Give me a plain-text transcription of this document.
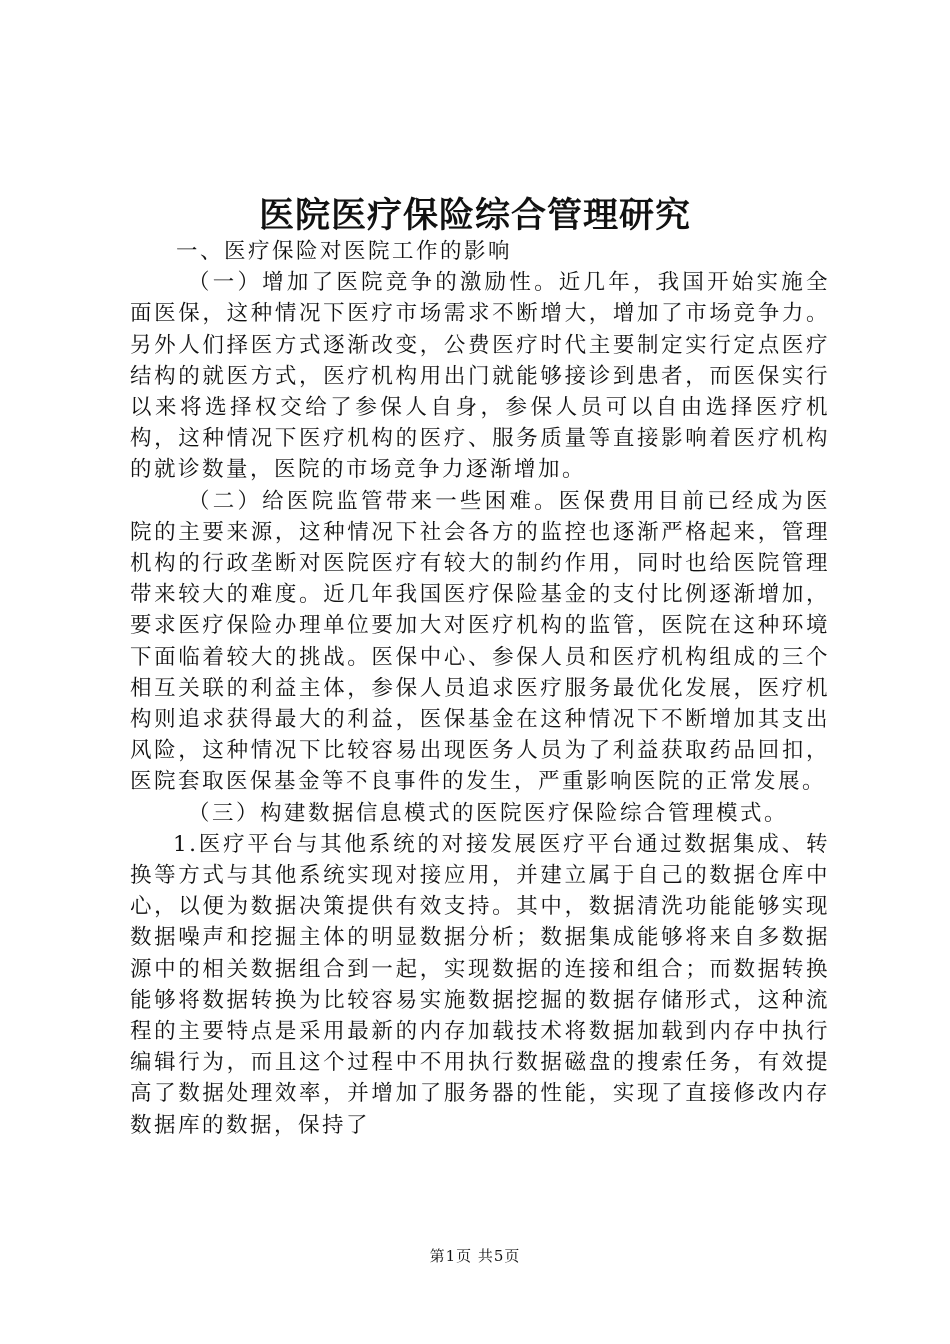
医院医疗保险综合管理研究

一、医疗保险对医院工作的影响

（一）增加了医院竞争的激励性。近几年，我国开始实施全面医保，这种情况下医疗市场需求不断增大，增加了市场竞争力。另外人们择医方式逐渐改变，公费医疗时代主要制定实行定点医疗结构的就医方式，医疗机构用出门就能够接诊到患者，而医保实行以来将选择权交给了参保人自身，参保人员可以自由选择医疗机构，这种情况下医疗机构的医疗、服务质量等直接影响着医疗机构的就诊数量，医院的市场竞争力逐渐增加。

（二）给医院监管带来一些困难。医保费用目前已经成为医院的主要来源，这种情况下社会各方的监控也逐渐严格起来，管理机构的行政垄断对医院医疗有较大的制约作用，同时也给医院管理带来较大的难度。近几年我国医疗保险基金的支付比例逐渐增加，要求医疗保险办理单位要加大对医疗机构的监管，医院在这种环境下面临着较大的挑战。医保中心、参保人员和医疗机构组成的三个相互关联的利益主体，参保人员追求医疗服务最优化发展，医疗机构则追求获得最大的利益，医保基金在这种情况下不断增加其支出风险，这种情况下比较容易出现医务人员为了利益获取药品回扣，医院套取医保基金等不良事件的发生，严重影响医院的正常发展。

（三）构建数据信息模式的医院医疗保险综合管理模式。

1.医疗平台与其他系统的对接发展医疗平台通过数据集成、转换等方式与其他系统实现对接应用，并建立属于自己的数据仓库中心，以便为数据决策提供有效支持。其中，数据清洗功能能够实现数据噪声和挖掘主体的明显数据分析；数据集成能够将来自多数据源中的相关数据组合到一起，实现数据的连接和组合；而数据转换能够将数据转换为比较容易实施数据挖掘的数据存储形式，这种流程的主要特点是采用最新的内存加载技术将数据加载到内存中执行编辑行为，而且这个过程中不用执行数据磁盘的搜索任务，有效提高了数据处理效率，并增加了服务器的性能，实现了直接修改内存数据库的数据，保持了

第1页 共5页
